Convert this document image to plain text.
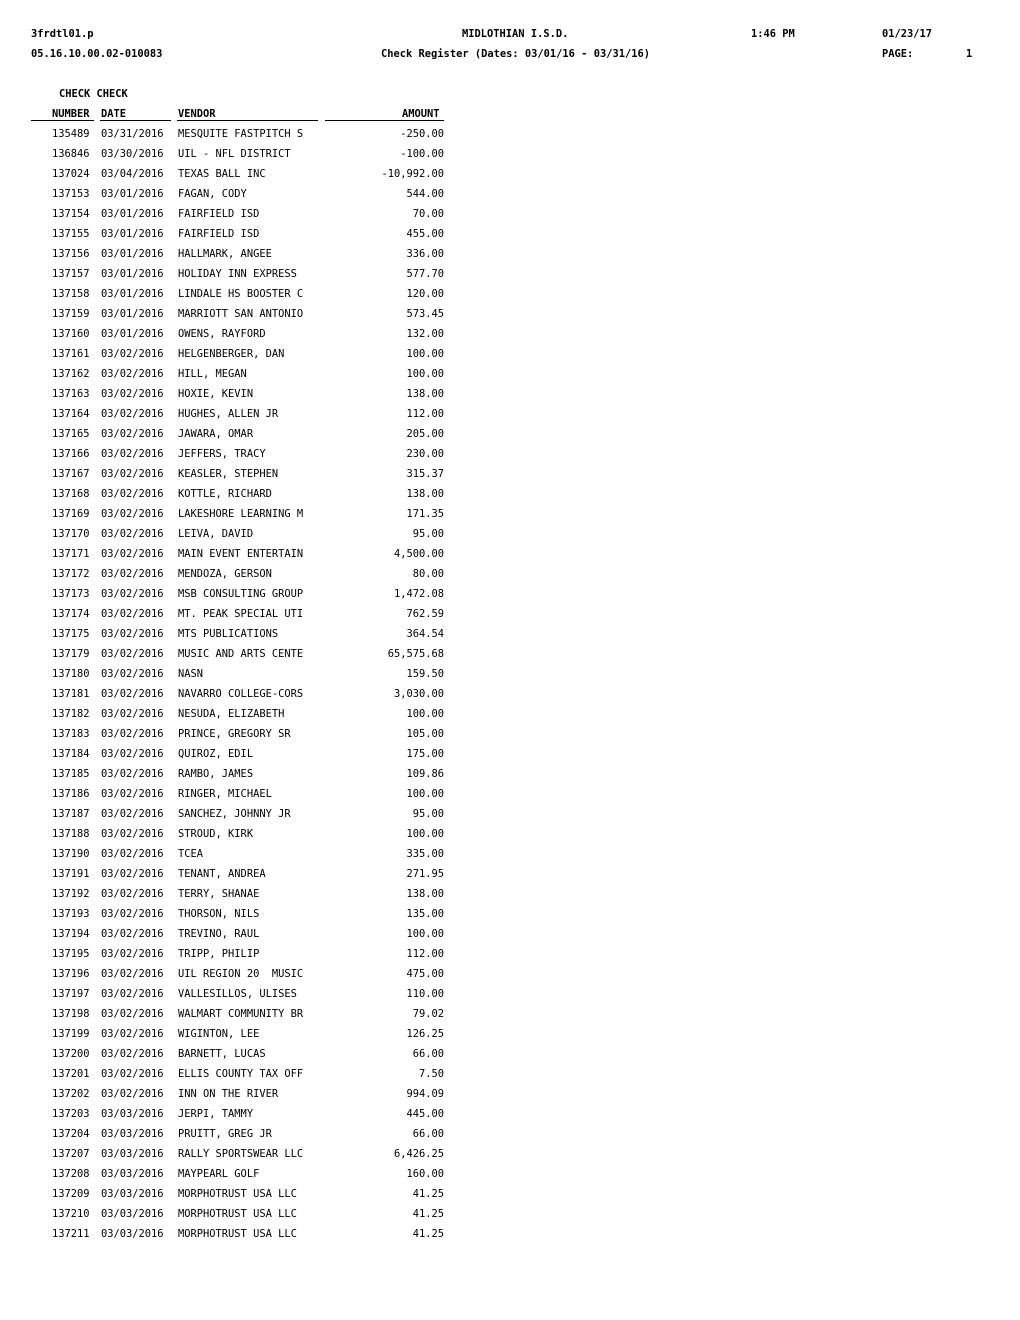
3frdtl01.p	MIDLOTHIAN I.S.D.	1:46 PM	01/23/17
05.16.10.00.02-010083	Check Register (Dates: 03/01/16 - 03/31/16)	PAGE:	1
CHECK CHECK
NUMBER DATE	VENDOR	AMOUNT
135489 03/31/2016 MESQUITE FASTPITCH S	-250.00
136846 03/30/2016 UIL - NFL DISTRICT	-100.00
137024 03/04/2016 TEXAS BALL INC	-10,992.00
137153 03/01/2016 FAGAN, CODY	544.00
137154 03/01/2016 FAIRFIELD ISD	70.00
137155 03/01/2016 FAIRFIELD ISD	455.00
137156 03/01/2016 HALLMARK, ANGEE	336.00
137157 03/01/2016 HOLIDAY INN EXPRESS	577.70
137158 03/01/2016 LINDALE HS BOOSTER C	120.00
137159 03/01/2016 MARRIOTT SAN ANTONIO	573.45
137160 03/01/2016 OWENS, RAYFORD	132.00
137161 03/02/2016 HELGENBERGER, DAN	100.00
137162 03/02/2016 HILL, MEGAN	100.00
137163 03/02/2016 HOXIE, KEVIN	138.00
137164 03/02/2016 HUGHES, ALLEN JR	112.00
137165 03/02/2016 JAWARA, OMAR	205.00
137166 03/02/2016 JEFFERS, TRACY	230.00
137167 03/02/2016 KEASLER, STEPHEN	315.37
137168 03/02/2016 KOTTLE, RICHARD	138.00
137169 03/02/2016 LAKESHORE LEARNING M	171.35
137170 03/02/2016 LEIVA, DAVID	95.00
137171 03/02/2016 MAIN EVENT ENTERTAIN	4,500.00
137172 03/02/2016 MENDOZA, GERSON	80.00
137173 03/02/2016 MSB CONSULTING GROUP	1,472.08
137174 03/02/2016 MT. PEAK SPECIAL UTI	762.59
137175 03/02/2016 MTS PUBLICATIONS	364.54
137179 03/02/2016 MUSIC AND ARTS CENTE	65,575.68
137180 03/02/2016 NASN	159.50
137181 03/02/2016 NAVARRO COLLEGE-CORS	3,030.00
137182 03/02/2016 NESUDA, ELIZABETH	100.00
137183 03/02/2016 PRINCE, GREGORY SR	105.00
137184 03/02/2016 QUIROZ, EDIL	175.00
137185 03/02/2016 RAMBO, JAMES	109.86
137186 03/02/2016 RINGER, MICHAEL	100.00
137187 03/02/2016 SANCHEZ, JOHNNY JR	95.00
137188 03/02/2016 STROUD, KIRK	100.00
137190 03/02/2016 TCEA	335.00
137191 03/02/2016 TENANT, ANDREA	271.95
137192 03/02/2016 TERRY, SHANAE	138.00
137193 03/02/2016 THORSON, NILS	135.00
137194 03/02/2016 TREVINO, RAUL	100.00
137195 03/02/2016 TRIPP, PHILIP	112.00
137196 03/02/2016 UIL REGION 20  MUSIC	475.00
137197 03/02/2016 VALLESILLOS, ULISES	110.00
137198 03/02/2016 WALMART COMMUNITY BR	79.02
137199 03/02/2016 WIGINTON, LEE	126.25
137200 03/02/2016 BARNETT, LUCAS	66.00
137201 03/02/2016 ELLIS COUNTY TAX OFF	7.50
137202 03/02/2016 INN ON THE RIVER	994.09
137203 03/03/2016 JERPI, TAMMY	445.00
137204 03/03/2016 PRUITT, GREG JR	66.00
137207 03/03/2016 RALLY SPORTSWEAR LLC	6,426.25
137208 03/03/2016 MAYPEARL GOLF	160.00
137209 03/03/2016 MORPHOTRUST USA LLC	41.25
137210 03/03/2016 MORPHOTRUST USA LLC	41.25
137211 03/03/2016 MORPHOTRUST USA LLC	41.25
